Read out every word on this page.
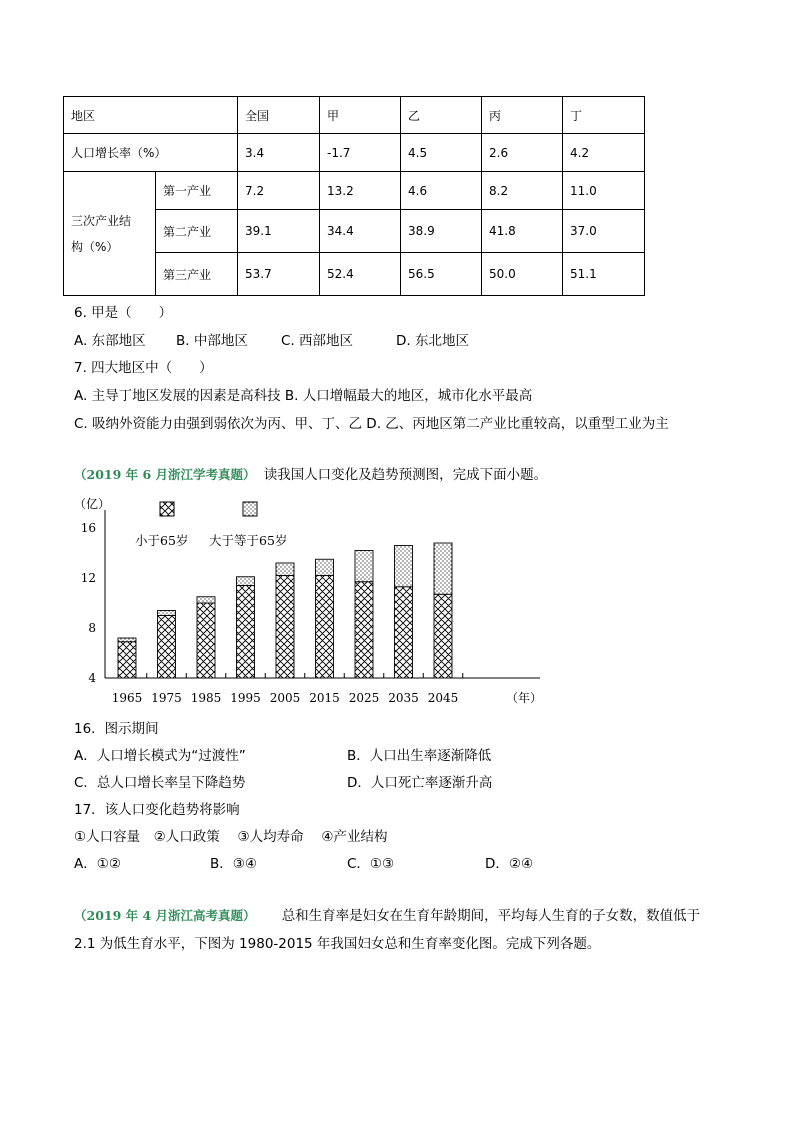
地区		全国	甲	乙	丙	丁
人口增长率（%）		3.4	-1.7	4.5	2.6	4.2
三次产业结
构（%）	第一产业	7.2	13.2	4.6	8.2	11.0
	第二产业	39.1	34.4	38.9	41.8	37.0
	第三产业	53.7	52.4	56.5	50.0	51.1
6. 甲是（　　）
A. 东部地区 B. 中部地区 C. 西部地区	D. 东北地区
7. 四大地区中（　　）
A. 主导丁地区发展的因素是高科技 B. 人口增幅最大的地区，城市化水平最高
C. 吸纳外资能力由强到弱依次为丙、甲、丁、乙 D. 乙、丙地区第二产业比重较高，以重型工业为主
（2019 年 6 月浙江学考真题） 读我国人口变化及趋势预测图，完成下面小题。
（亿）
（年）
小于65岁 大于等于65岁
4
8
12
16
1965 1975 1985 1995 2005 2015 2025 2035 2045
16．图示期间
A．人口增长模式为“过渡性”	B．人口出生率逐渐降低
C．总人口增长率呈下降趋势	D．人口死亡率逐渐升高
17．该人口变化趋势将影响
①人口容量　②人口政策　 ③人均寿命　 ④产业结构
A．①②	B．③④	C．①③	D．②④
（2019 年 4 月浙江高考真题） 总和生育率是妇女在生育年龄期间，平均每人生育的子女数，数值低于
2.1 为低生育水平，下图为 1980-2015 年我国妇女总和生育率变化图。完成下列各题。
